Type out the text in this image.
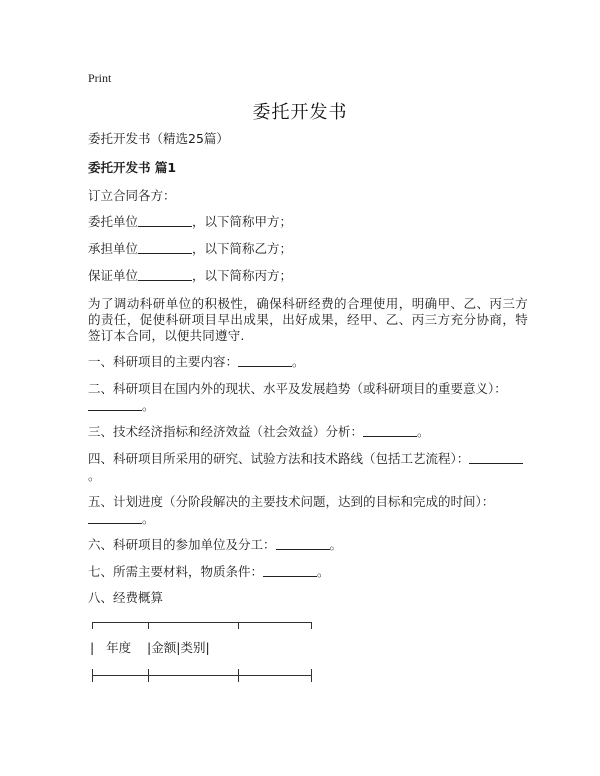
Print
委托开发书
委托开发书（精选25篇）
委托开发书 篇1
订立合同各方：
委托单位	，以下简称甲方；
承担单位	，以下简称乙方；
保证单位	，以下简称丙方；
为了调动科研单位的积极性，确保科研经费的合理使用，明确甲、乙、丙三方的责任，促使科研项目早出成果，出好成果，经甲、乙、丙三方充分协商，特签订本合同，以便共同遵守.
一、科研项目的主要内容：	。
二、科研项目在国内外的现状、水平及发展趋势（或科研项目的重要意义）：
。
三、技术经济指标和经济效益（社会效益）分析：	。
四、科研项目所采用的研究、试验方法和技术路线（包括工艺流程）：
。
五、计划进度（分阶段解决的主要技术问题，达到的目标和完成的时间）：
。
六、科研项目的参加单位及分工：	。
七、所需主要材料，物质条件：	。
八、经费概算
|   年度    |金额|类别|
